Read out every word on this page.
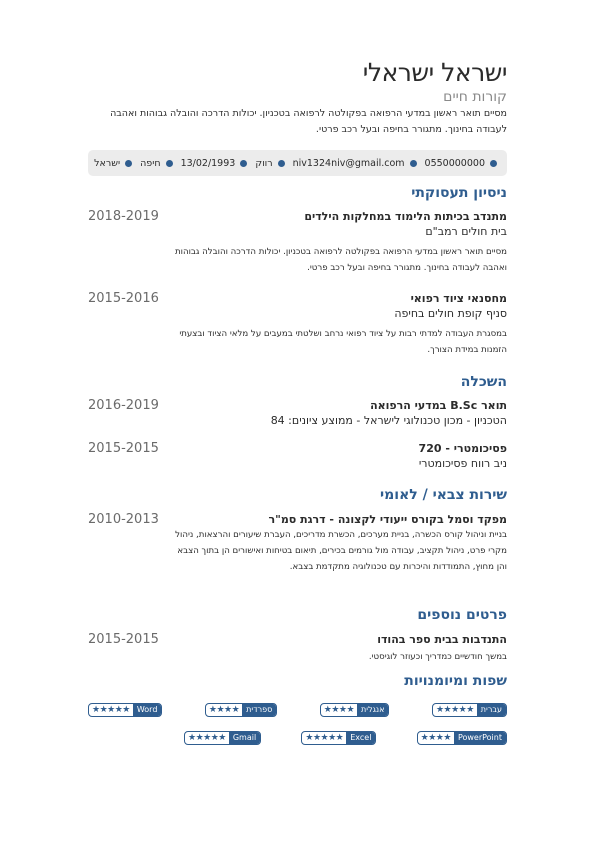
ישראל ישראלי
קורות חיים
מסיים תואר ראשון במדעי הרפואה בפקולטה לרפואה בטכניון. יכולות הדרכה והובלה גבוהות ואהבה לעבודה בחינוך. מתגורר בחיפה ובעל רכב פרטי.
0550000000
niv1324niv@gmail.com
רווק
13/02/1993
חיפה
ישראל
ניסיון תעסוקתי
2018-2019	מתנדב בכיתות הלימוד במחלקות הילדים
בית חולים רמב"ם
מסיים תואר ראשון במדעי הרפואה בפקולטה לרפואה בטכניון. יכולות הדרכה והובלה גבוהות ואהבה לעבודה בחינוך. מתגורר בחיפה ובעל רכב פרטי.
2015-2016	מחסנאי ציוד רפואי
סניף קופת חולים בחיפה
במסגרת העבודה למדתי רבות על ציוד רפואי נרחב ושלטתי במעבים על מלאי הציוד ובצעתי הזמנות במידת הצורך.
השכלה
2016-2019	תואר B.Sc במדעי הרפואה
הטכניון - מכון טכנולוגי לישראל - ממוצע ציונים: 84
2015-2015	פסיכומטרי - 720
ניב רווח פסיכומטרי
שירות צבאי / לאומי
2010-2013	מפקד וסמל בקורס ייעודי לקצונה - דרגת סמ"ר
בניית וניהול קורס הכשרה, בניית מערכים, הכשרת מדריכים, העברת שיעורים והרצאות, ניהול מקרי פרט, ניהול תקציב, עבודה מול גורמים בכירים, תיאום בטיחות ואישורים הן בתוך הצבא והן מחוץ, התמודדות והיכרות עם טכנולוגיה מתקדמת בצבא.
פרטים נוספים
2015-2015	התנדבות בבית ספר בהודו
במשך חודשיים כמדריך וכעוזר לוגיסטי.
שפות ומיומנויות
★★★★★ עברית
★★★★ אנגלית
★★★★ ספרדית
★★★★★ Word
★★★★ PowerPoint
★★★★★ Excel
★★★★★ Gmail
